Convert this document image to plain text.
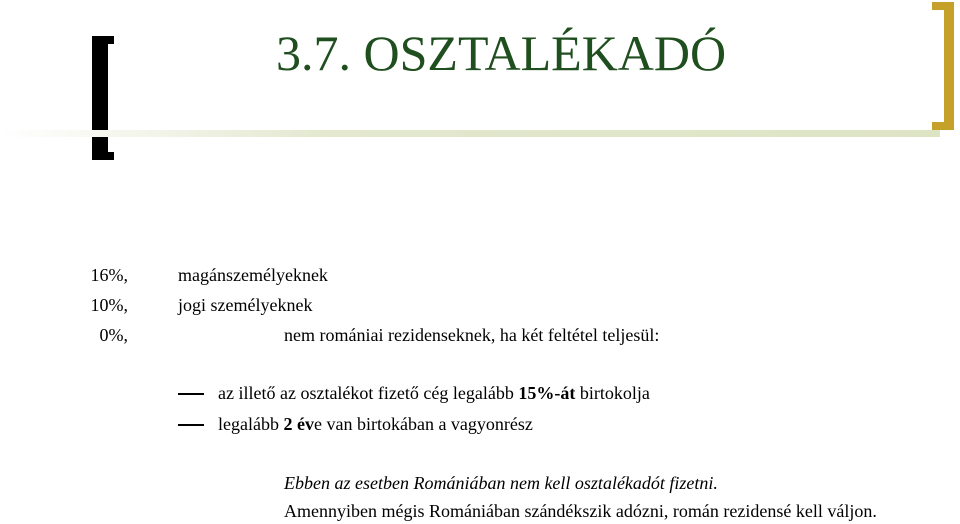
3.7. OSZTALÉKADÓ
16%,	magánszemélyeknek
10%,	jogi személyeknek
0%,	nem romániai rezidenseknek, ha két feltétel teljesül:
az illető az osztalékot fizető cég legalább 15%-át birtokolja
legalább 2 éve van birtokában a vagyonrész
Ebben az esetben Romániában nem kell osztalékadót fizetni.
Amennyiben mégis Romániában szándékszik adózni, román rezidensé kell váljon.
